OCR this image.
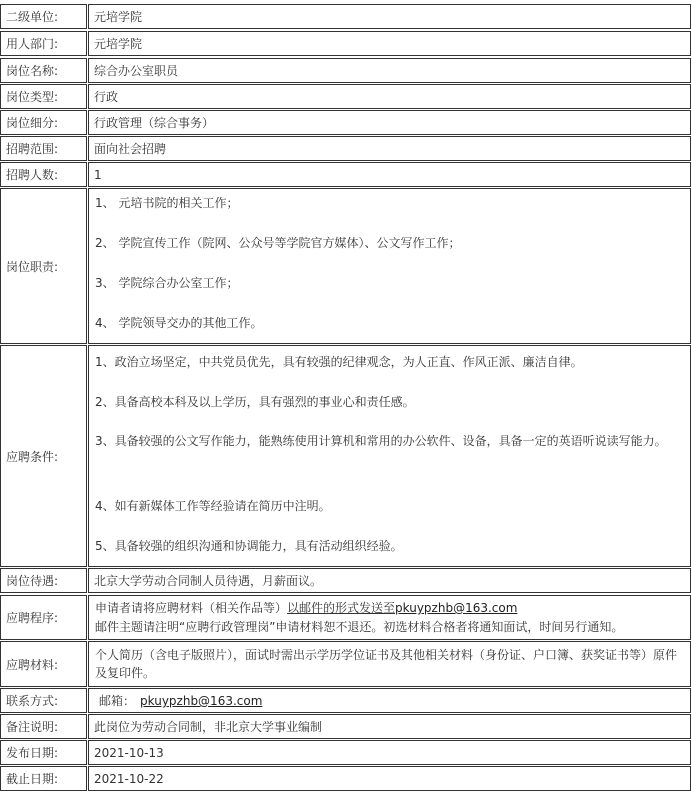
二级单位:	元培学院
用人部门:	元培学院
岗位名称:	综合办公室职员
岗位类型:	行政
岗位细分:	行政管理（综合事务）
招聘范围:	面向社会招聘
招聘人数:	1
岗位职责:
1、 元培书院的相关工作；
2、 学院宣传工作（院网、公众号等学院官方媒体）、公文写作工作；
3、 学院综合办公室工作；
4、 学院领导交办的其他工作。
应聘条件:
1、政治立场坚定，中共党员优先，具有较强的纪律观念，为人正直、作风正派、廉洁自律。
2、具备高校本科及以上学历，具有强烈的事业心和责任感。
3、具备较强的公文写作能力，能熟练使用计算机和常用的办公软件、设备，具备一定的英语听说读写能力。
4、如有新媒体工作等经验请在简历中注明。
5、具备较强的组织沟通和协调能力，具有活动组织经验。
岗位待遇:	北京大学劳动合同制人员待遇，月薪面议。
应聘程序:
申请者请将应聘材料（相关作品等）以邮件的形式发送至pkuypzhb@163.com
邮件主题请注明“应聘行政管理岗”申请材料恕不退还。初选材料合格者将通知面试，时间另行通知。
应聘材料:
个人简历（含电子版照片），面试时需出示学历学位证书及其他相关材料（身份证、户口簿、获奖证书等）原件及复印件。
联系方式:	邮箱： pkuypzhb@163.com
备注说明:	此岗位为劳动合同制，非北京大学事业编制
发布日期:	2021-10-13
截止日期:	2021-10-22
